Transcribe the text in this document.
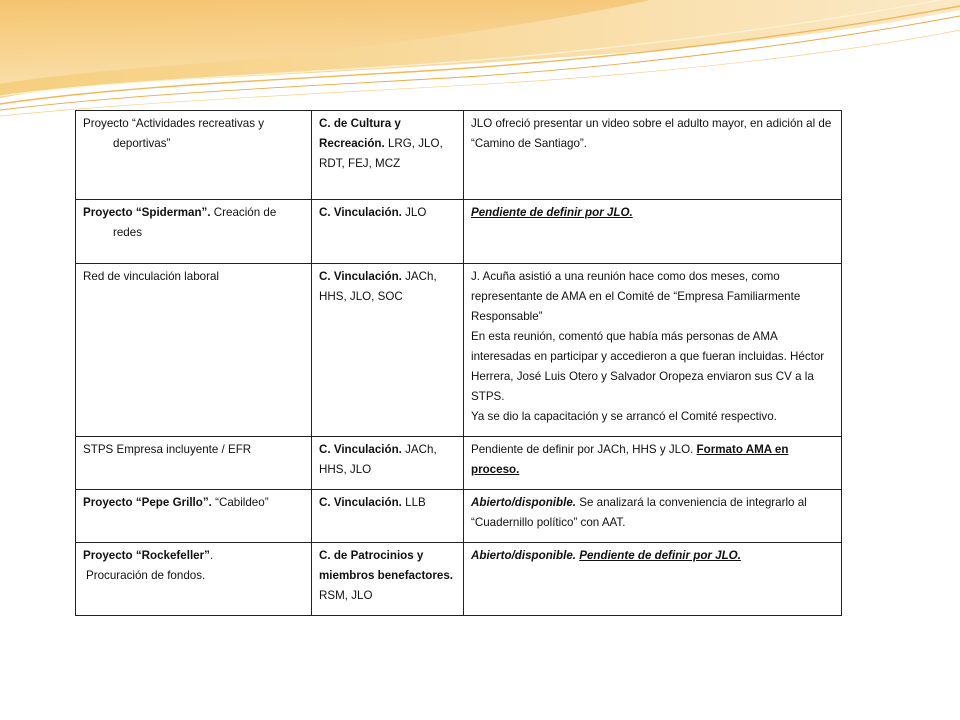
Proyecto “Actividades recreativas y deportivas”	C. de Cultura y Recreación. LRG, JLO, RDT, FEJ, MCZ	JLO ofreció presentar un video sobre el adulto mayor, en adición al de “Camino de Santiago”.

Proyecto “Spiderman”. Creación de redes	C. Vinculación. JLO	Pendiente de definir por JLO.
Red de vinculación laboral	C. Vinculación. JACh, HHS, JLO, SOC	J. Acuña asistió a una reunión hace como dos meses, como representante de AMA en el Comité de “Empresa Familiarmente Responsable”
En esta reunión, comentó que había más personas de AMA interesadas en participar y accedieron a que fueran incluidas. Héctor Herrera, José Luis Otero y Salvador Oropeza enviaron sus CV a la STPS.
Ya se dio la capacitación y se arrancó el Comité respectivo.

STPS Empresa incluyente / EFR	C. Vinculación. JACh, HHS, JLO	Pendiente de definir por JACh, HHS y JLO. Formato AMA en proceso.
Proyecto “Pepe Grillo”. “Cabildeo”	C. Vinculación. LLB	Abierto/disponible. Se analizará la conveniencia de integrarlo al “Cuadernillo político” con AAT.

Proyecto “Rockefeller”.
Procuración de fondos.	C. de Patrocinios y miembros benefactores. RSM, JLO	Abierto/disponible. Pendiente de definir por JLO.
